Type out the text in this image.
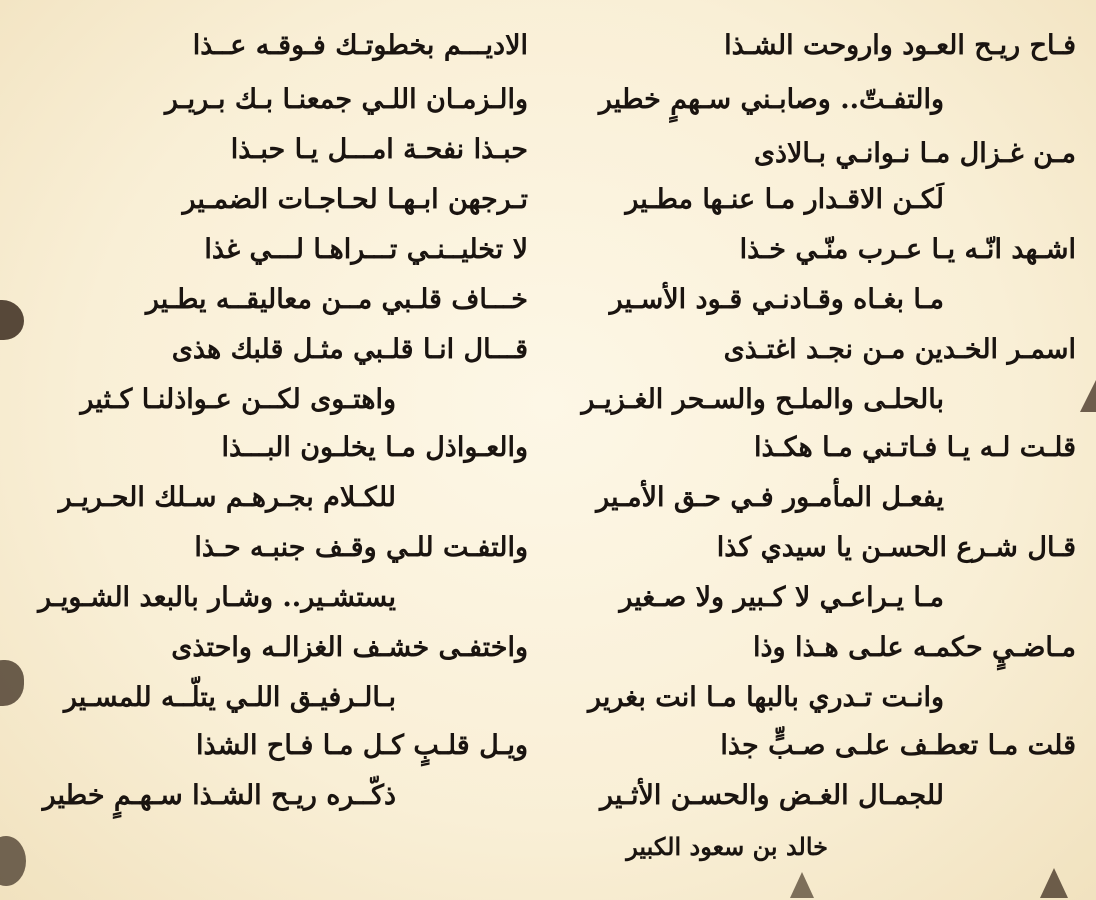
فـاح ريـح العـود واروحت الشـذا
والتفـتّ.. وصابـني سـهمٍ خطير
مـن غـزال مـا نـوانـي بـالاذى
لَكـن الاقـدار مـا عنـها مطـير
اشـهد انّـه يـا عـرب منّـي خـذا
مـا بغـاه وقـادنـي قـود الأسـير
اسمـر الخـدين مـن نجـد اغتـذى
بالحلـى والملـح والسـحر الغـزيـر
قلـت لـه يـا فـاتـني مـا هكـذا
يفعـل المأمـور فـي حـق الأمـير
قـال شـرع الحسـن يا سيدي كذا
مـا يـراعـي لا كـبير ولا صـغير
مـاضـيٍ حكمـه علـى هـذا وذا
وانـت تـدري بالبها مـا انت بغرير
قلت مـا تعطـف علـى صـبٍّ جذا
للجمـال الغـض والحسـن الأثـير
الاديـــم بخطوتـك فـوقـه عــذا
والـزمـان اللـي جمعنـا بـك بـريـر
حبـذا نفحـة امـــل يـا حبـذا
تـرجهن ابـهـا لحـاجـات الضمـير
لا تخليــنـي تـــراهـا لـــي غذا
خـــاف قلـبي مــن معاليقــه يطـير
قـــال انـا قلـبي مثـل قلبك هذى
واهتـوى لكــن عـواذلنـا كـثير
والعـواذل مـا يخلـون البـــذا
للكـلام بجـرهـم سـلك الحـريـر
والتفـت للـي وقـف جنبـه حـذا
يستشـير.. وشـار بالبعد الشـويـر
واختفـى خشـف الغزالـه واحتذى
بـالـرفيـق اللـي يتلّــه للمسـير
ويـل قلـبٍ كـل مـا فـاح الشذا
ذكّــره ريـح الشـذا سـهـمٍ خطير
خالد بن سعود الكبير
